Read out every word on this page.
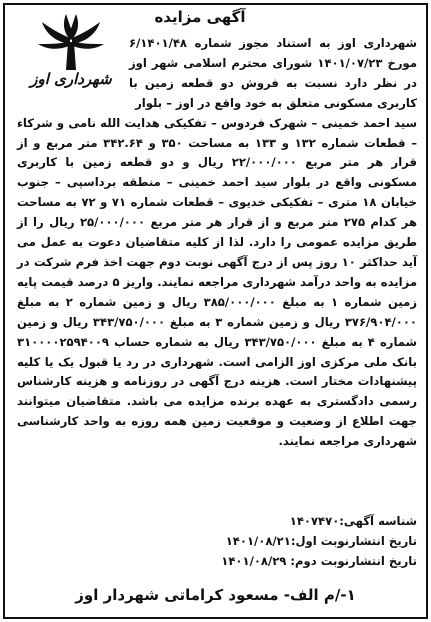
شهرداری اوز
آگهی مزایده
شهرداری اوز به استناد مجوز شماره ۶/۱۴۰۱/۴۸ مورخ ۱۴۰۱/۰۷/۲۳ شورای محترم اسلامی شهر اوز در نظر دارد نسبت به فروش دو قطعه زمین با کاربری مسکونی متعلق به خود واقع در اوز – بلوار
سید احمد خمینی – شهرک فردوس – تفکیکی هدایت الله نامی و شرکاء – قطعات شماره ۱۳۲ و ۱۳۳ به مساحت ۳۵۰ و ۳۴۲.۶۴ متر مربع و از قرار هر متر مربع ۲۲/۰۰۰/۰۰۰ ریال و دو قطعه زمین با کاربری مسکونی واقع در بلوار سید احمد خمینی – منطقه برداسپی – جنوب خیابان ۱۸ متری – تفکیکی خدیوی – قطعات شماره ۷۱ و ۷۲ به مساحت هر کدام ۲۷۵ متر مربع و از قرار هر متر مربع ۲۵/۰۰۰/۰۰۰ ریال را از طریق مزایده عمومی را دارد. لذا از کلیه متقاضیان دعوت به عمل می آید حداکثر ۱۰ روز پس از درج آگهی نوبت دوم جهت اخذ فرم شرکت در مزایده به واحد درآمد شهرداری مراجعه نمایند. واریز ۵ درصد قیمت پایه زمین شماره ۱ به مبلغ ۳۸۵/۰۰۰/۰۰۰ ریال و زمین شماره ۲ به مبلغ ۳۷۶/۹۰۴/۰۰۰ ریال و زمین شماره ۳ به مبلغ ۳۴۳/۷۵۰/۰۰۰ ریال و زمین شماره ۴ به مبلغ ۳۴۳/۷۵۰/۰۰۰ ریال به شماره حساب ۳۱۰۰۰۰۲۵۹۴۰۰۹ بانک ملی مرکزی اوز الزامی است. شهرداری در رد یا قبول یک یا کلیه پیشنهادات مختار است. هزینه درج آگهی در روزنامه و هزینه کارشناس رسمی دادگستری به عهده برنده مزایده می باشد. متقاضیان میتوانند جهت اطلاع از وضعیت و موقعیت زمین همه روزه به واحد کارشناسی شهرداری مراجعه نمایند.
شناسه آگهی:۱۴۰۷۴۷۰
تاریخ انتشارنوبت اول:۱۴۰۱/۰۸/۲۱
تاریخ انتشارنوبت دوم: ۱۴۰۱/۰۸/۲۹
۱-/م الف- مسعود کراماتی شهردار اوز
